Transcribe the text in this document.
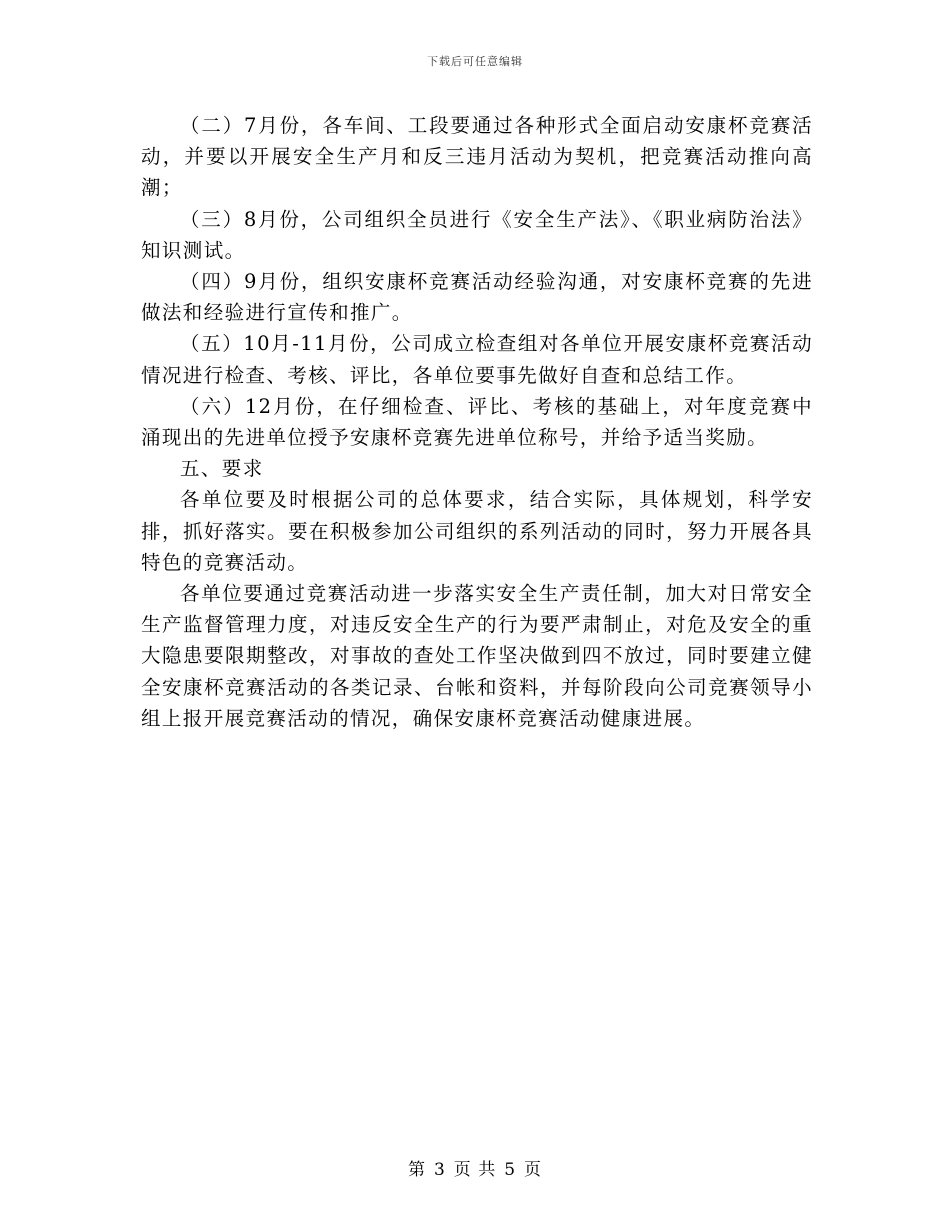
下载后可任意编辑

（二）7月份，各车间、工段要通过各种形式全面启动安康杯竞赛活动，并要以开展安全生产月和反三违月活动为契机，把竞赛活动推向高潮；

（三）8月份，公司组织全员进行《安全生产法》、《职业病防治法》知识测试。

（四）9月份，组织安康杯竞赛活动经验沟通，对安康杯竞赛的先进做法和经验进行宣传和推广。

（五）10月-11月份，公司成立检查组对各单位开展安康杯竞赛活动情况进行检查、考核、评比，各单位要事先做好自查和总结工作。

（六）12月份，在仔细检查、评比、考核的基础上，对年度竞赛中涌现出的先进单位授予安康杯竞赛先进单位称号，并给予适当奖励。

五、要求

各单位要及时根据公司的总体要求，结合实际，具体规划，科学安排，抓好落实。要在积极参加公司组织的系列活动的同时，努力开展各具特色的竞赛活动。

各单位要通过竞赛活动进一步落实安全生产责任制，加大对日常安全生产监督管理力度，对违反安全生产的行为要严肃制止，对危及安全的重大隐患要限期整改，对事故的查处工作坚决做到四不放过，同时要建立健全安康杯竞赛活动的各类记录、台帐和资料，并每阶段向公司竞赛领导小组上报开展竞赛活动的情况，确保安康杯竞赛活动健康进展。

第 3 页 共 5 页
